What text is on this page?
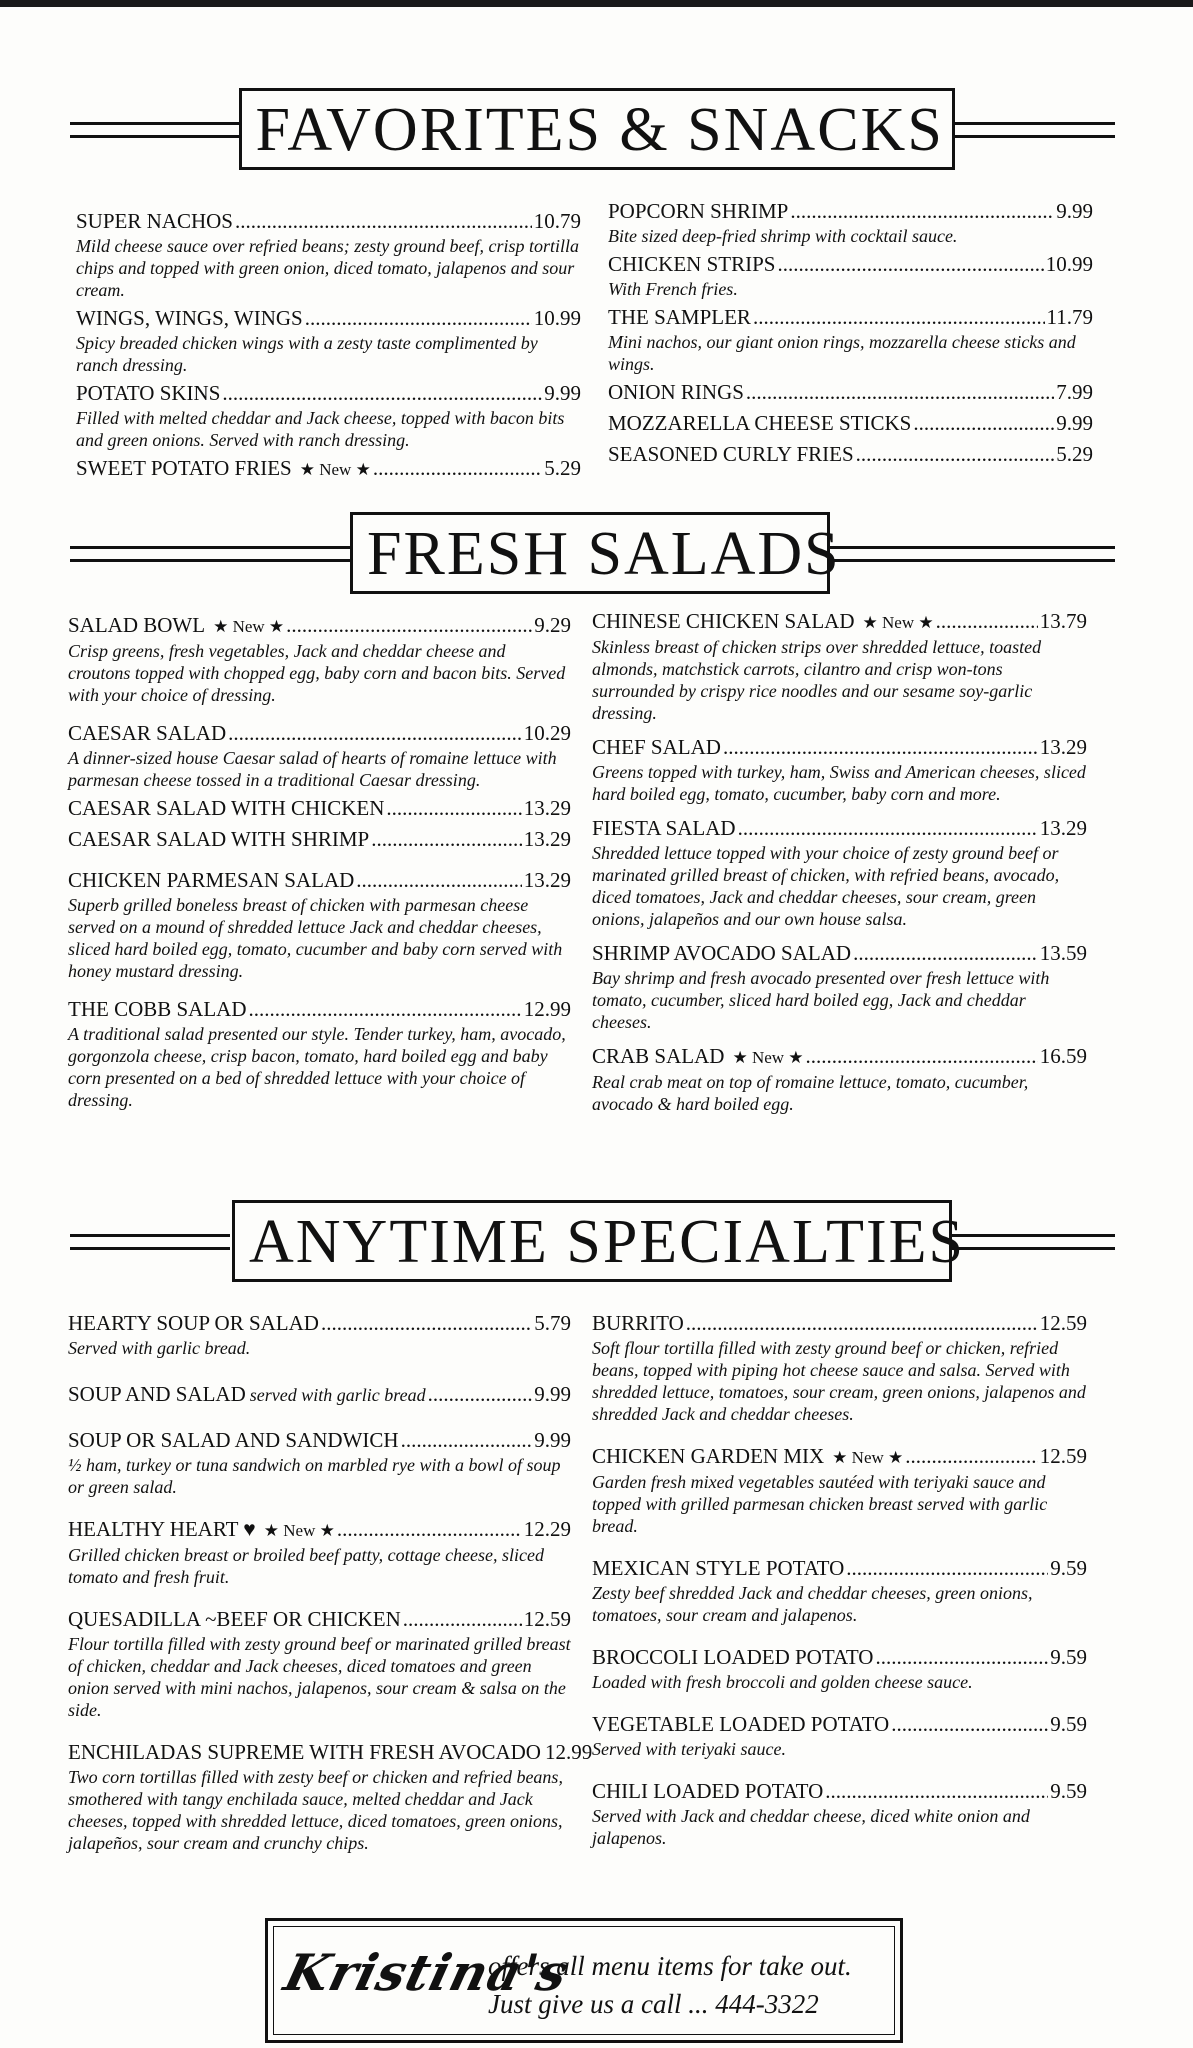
FAVORITES & SNACKS
SUPER NACHOS .....	10.79
Mild cheese sauce over refried beans; zesty ground beef, crisp tortilla chips and topped with green onion, diced tomato, jalapenos and sour cream.
WINGS, WINGS, WINGS .....	10.99
Spicy breaded chicken wings with a zesty taste complimented by ranch dressing.
POTATO SKINS .....	9.99
Filled with melted cheddar and Jack cheese, topped with bacon bits and green onions. Served with ranch dressing.
SWEET POTATO FRIES ★ New ★ .....	5.29
POPCORN SHRIMP .....	9.99
Bite sized deep-fried shrimp with cocktail sauce.
CHICKEN STRIPS .....	10.99
With French fries.
THE SAMPLER .....	11.79
Mini nachos, our giant onion rings, mozzarella cheese sticks and wings.
ONION RINGS .....	7.99
MOZZARELLA CHEESE STICKS .....	9.99
SEASONED CURLY FRIES .....	5.29
FRESH SALADS
SALAD BOWL ★ New ★ .....	9.29
Crisp greens, fresh vegetables, Jack and cheddar cheese and croutons topped with chopped egg, baby corn and bacon bits. Served with your choice of dressing.
CAESAR SALAD .....	10.29
A dinner-sized house Caesar salad of hearts of romaine lettuce with parmesan cheese tossed in a traditional Caesar dressing.
CAESAR SALAD WITH CHICKEN .....	13.29
CAESAR SALAD WITH SHRIMP .....	13.29
CHICKEN PARMESAN SALAD .....	13.29
Superb grilled boneless breast of chicken with parmesan cheese served on a mound of shredded lettuce Jack and cheddar cheeses, sliced hard boiled egg, tomato, cucumber and baby corn served with honey mustard dressing.
THE COBB SALAD .....	12.99
A traditional salad presented our style. Tender turkey, ham, avocado, gorgonzola cheese, crisp bacon, tomato, hard boiled egg and baby corn presented on a bed of shredded lettuce with your choice of dressing.
CHINESE CHICKEN SALAD ★ New ★ .....	13.79
Skinless breast of chicken strips over shredded lettuce, toasted almonds, matchstick carrots, cilantro and crisp won-tons surrounded by crispy rice noodles and our sesame soy-garlic dressing.
CHEF SALAD .....	13.29
Greens topped with turkey, ham, Swiss and American cheeses, sliced hard boiled egg, tomato, cucumber, baby corn and more.
FIESTA SALAD .....	13.29
Shredded lettuce topped with your choice of zesty ground beef or marinated grilled breast of chicken, with refried beans, avocado, diced tomatoes, Jack and cheddar cheeses, sour cream, green onions, jalapeños and our own house salsa.
SHRIMP AVOCADO SALAD .....	13.59
Bay shrimp and fresh avocado presented over fresh lettuce with tomato, cucumber, sliced hard boiled egg, Jack and cheddar cheeses.
CRAB SALAD ★ New ★ .....	16.59
Real crab meat on top of romaine lettuce, tomato, cucumber, avocado & hard boiled egg.
ANYTIME SPECIALTIES
HEARTY SOUP OR SALAD .....	5.79
Served with garlic bread.
SOUP AND SALAD served with garlic bread .....	9.99
SOUP OR SALAD AND SANDWICH .....	9.99
½ ham, turkey or tuna sandwich on marbled rye with a bowl of soup or green salad.
HEALTHY HEART ♥ ★ New ★ .....	12.29
Grilled chicken breast or broiled beef patty, cottage cheese, sliced tomato and fresh fruit.
QUESADILLA ~BEEF OR CHICKEN .....	12.59
Flour tortilla filled with zesty ground beef or marinated grilled breast of chicken, cheddar and Jack cheeses, diced tomatoes and green onion served with mini nachos, jalapenos, sour cream & salsa on the side.
ENCHILADAS SUPREME WITH FRESH AVOCADO 12.99
Two corn tortillas filled with zesty beef or chicken and refried beans, smothered with tangy enchilada sauce, melted cheddar and Jack cheeses, topped with shredded lettuce, diced tomatoes, green onions, jalapeños, sour cream and crunchy chips.
BURRITO .....	12.59
Soft flour tortilla filled with zesty ground beef or chicken, refried beans, topped with piping hot cheese sauce and salsa. Served with shredded lettuce, tomatoes, sour cream, green onions, jalapenos and shredded Jack and cheddar cheeses.
CHICKEN GARDEN MIX ★ New ★ .....	12.59
Garden fresh mixed vegetables sautéed with teriyaki sauce and topped with grilled parmesan chicken breast served with garlic bread.
MEXICAN STYLE POTATO .....	9.59
Zesty beef shredded Jack and cheddar cheeses, green onions, tomatoes, sour cream and jalapenos.
BROCCOLI LOADED POTATO .....	9.59
Loaded with fresh broccoli and golden cheese sauce.
VEGETABLE LOADED POTATO .....	9.59
Served with teriyaki sauce.
CHILI LOADED POTATO .....	9.59
Served with Jack and cheddar cheese, diced white onion and jalapenos.
Kristina's
offers all menu items for take out.
Just give us a call ... 444-3322
